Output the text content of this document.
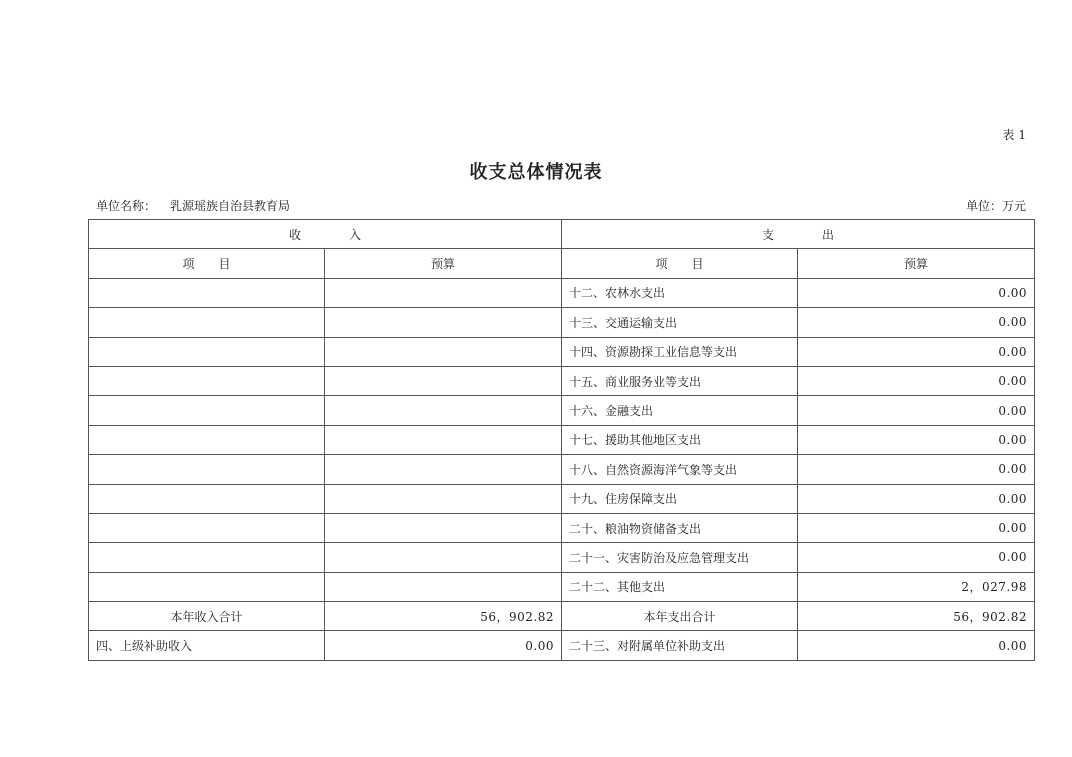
表 1
收支总体情况表
单位名称： 乳源瑶族自治县教育局	单位：万元
收　　　　入		支　　　　出	
项　　目	预算	项　　目	预算
		十二、农林水支出	0.00
		十三、交通运输支出	0.00
		十四、资源勘探工业信息等支出	0.00
		十五、商业服务业等支出	0.00
		十六、金融支出	0.00
		十七、援助其他地区支出	0.00
		十八、自然资源海洋气象等支出	0.00
		十九、住房保障支出	0.00
		二十、粮油物资储备支出	0.00
		二十一、灾害防治及应急管理支出	0.00
		二十二、其他支出	2，027.98
本年收入合计	56，902.82	本年支出合计	56，902.82
四、上级补助收入	0.00	二十三、对附属单位补助支出	0.00
